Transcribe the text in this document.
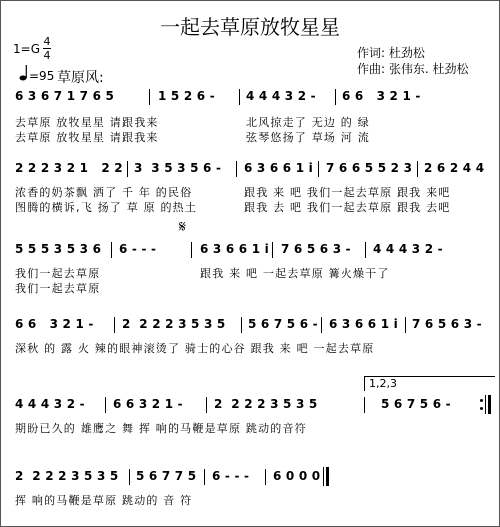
一起去草原放牧星星
1=G
4
4	作词: 杜劲松
作曲: 张伟东. 杜劲松
=95 草原风:
6 3 6 7 1 7 6 5	1 5 2 6 -	4 4 4 3 2 - 6 6   3 2 1 -
去草原 放牧星星 请跟我来	北风掠走了 无边 的 绿
去草原 放牧星星 请跟我来	弦琴悠扬了 草场 河 流
2 2 2 3 2 1   2 2 3  3 5 3 5 6 - 6 3 6 6 1 i 7 6 6 5 5 2 3 2 6 2 4 4
浓香的奶茶飘 洒了 千 年 的民俗	跟我 来 吧 我们一起去草原 跟我 来吧
图腾的横诉,飞 扬了 草 原 的热土	跟我 去 吧 我们一起去草原 跟我 去吧
𝄋
5 5 5 3 5 3 6 6 - - -	6 3 6 6 1 i 7 6 5 6 3 - 4 4 4 3 2 -
我们一起去草原	跟我 来 吧 一起去草原 篝火燥干了
我们一起去草原
6 6   3 2 1 - 2  2 2 2 3 5 3 5 5 6 7 5 6 - 6 3 6 6 1 i 7 6 5 6 3 -
深秋 的 露 火 辣的眼神滚烫了 骑士的心谷 跟我 来 吧 一起去草原
1,2,3
4 4 4 3 2 - 6 6 3 2 1 -	2  2 2 2 3 5 3 5	5 6 7 5 6 -
期盼已久的 雄鹰之 舞 挥 响的马鞭是草原 跳动的音符
2  2 2 2 3 5 3 5 5 6 7 7 5 6 - - - 6 0 0 0
挥 响的马鞭是草原 跳动的 音 符
